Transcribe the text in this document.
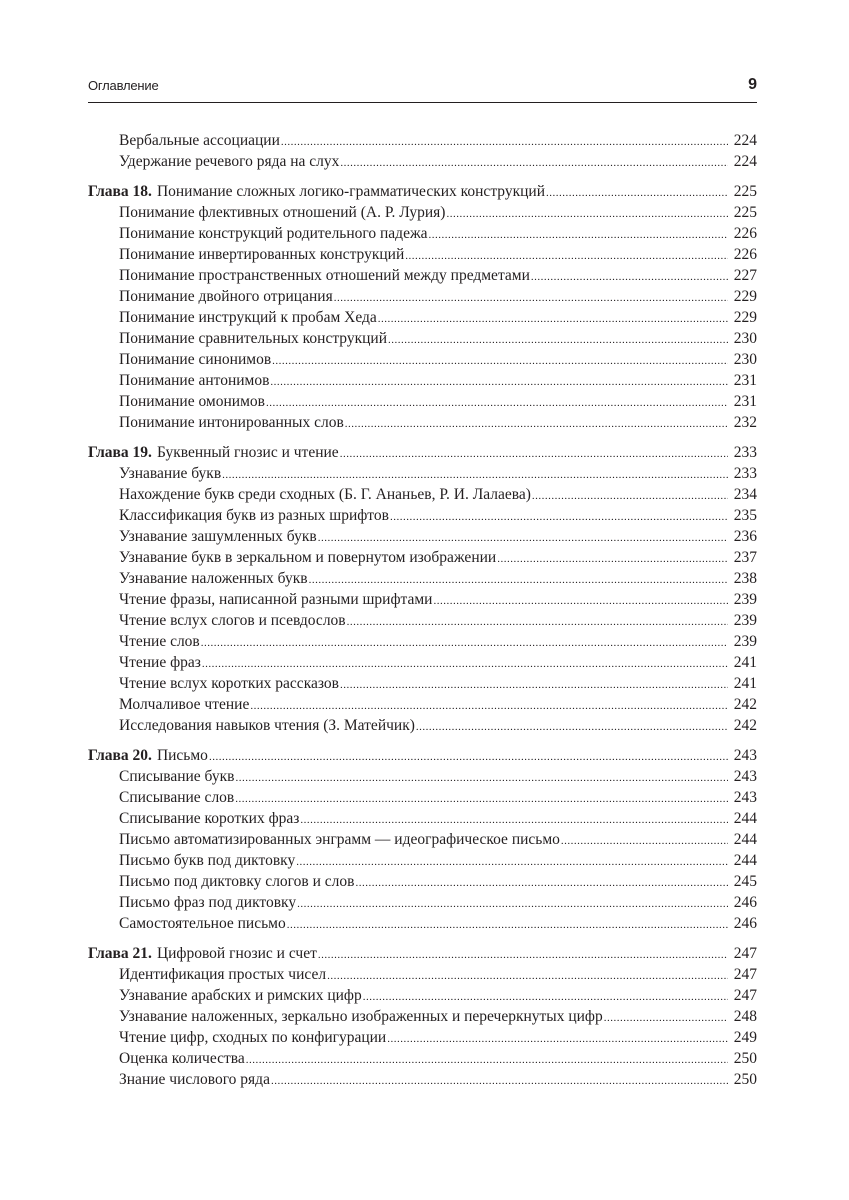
Оглавление	9
Вербальные ассоциации .....	224
Удержание речевого ряда на слух .....	224
Глава 18. Понимание сложных логико-грамматических конструкций .....	225
Понимание флективных отношений (А. Р. Лурия) .....	225
Понимание конструкций родительного падежа .....	226
Понимание инвертированных конструкций .....	226
Понимание пространственных отношений между предметами .....	227
Понимание двойного отрицания .....	229
Понимание инструкций к пробам Хеда .....	229
Понимание сравнительных конструкций .....	230
Понимание синонимов .....	230
Понимание антонимов .....	231
Понимание омонимов .....	231
Понимание интонированных слов .....	232
Глава 19. Буквенный гнозис и чтение .....	233
Узнавание букв .....	233
Нахождение букв среди сходных (Б. Г. Ананьев, Р. И. Лалаева) .....	234
Классификация букв из разных шрифтов .....	235
Узнавание зашумленных букв .....	236
Узнавание букв в зеркальном и повернутом изображении .....	237
Узнавание наложенных букв .....	238
Чтение фразы, написанной разными шрифтами .....	239
Чтение вслух слогов и псевдослов .....	239
Чтение слов .....	239
Чтение фраз .....	241
Чтение вслух коротких рассказов .....	241
Молчаливое чтение .....	242
Исследования навыков чтения (З. Матейчик) .....	242
Глава 20. Письмо .....	243
Списывание букв .....	243
Списывание слов .....	243
Списывание коротких фраз .....	244
Письмо автоматизированных энграмм — идеографическое письмо .....	244
Письмо букв под диктовку .....	244
Письмо под диктовку слогов и слов .....	245
Письмо фраз под диктовку .....	246
Самостоятельное письмо .....	246
Глава 21. Цифровой гнозис и счет .....	247
Идентификация простых чисел .....	247
Узнавание арабских и римских цифр .....	247
Узнавание наложенных, зеркально изображенных и перечеркнутых цифр .....	248
Чтение цифр, сходных по конфигурации .....	249
Оценка количества .....	250
Знание числового ряда .....	250
